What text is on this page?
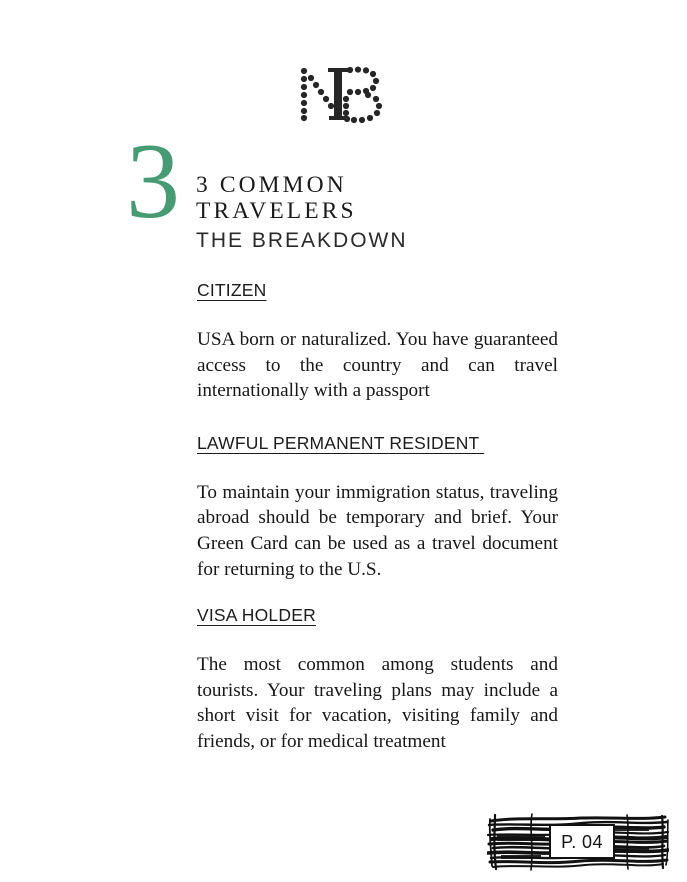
3 3 COMMON
TRAVELERS
THE BREAKDOWN
CITIZEN

USA born or naturalized. You have guaranteed access to the country and can travel internationally with a passport

LAWFUL PERMANENT RESIDENT

To maintain your immigration status, traveling abroad should be temporary and brief. Your Green Card can be used as a travel document for returning to the U.S.

VISA HOLDER

The most common among students and tourists. Your traveling plans may include a short visit for vacation, visiting family and friends, or for medical treatment

P. 04
